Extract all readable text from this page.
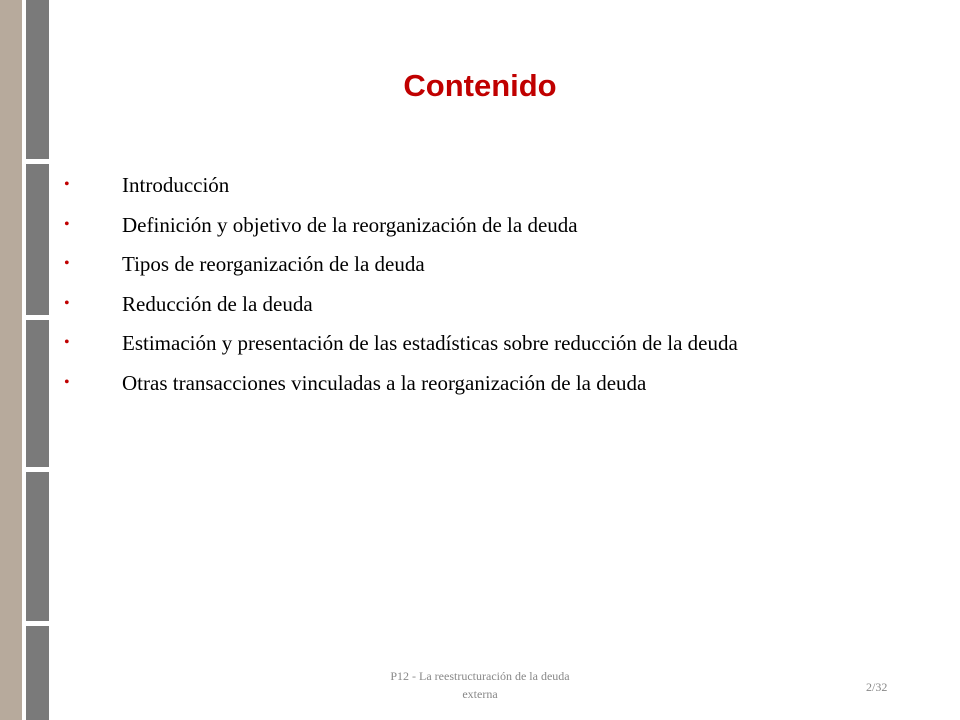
Contenido
•	Introducción
•	Definición y objetivo de la reorganización de la deuda
•	Tipos de reorganización de la deuda
•	Reducción de la deuda
•	Estimación y presentación de las estadísticas sobre reducción de la deuda
•	Otras transacciones vinculadas a la reorganización de la deuda
P12 - La reestructuración de la deuda
externa	2/32
